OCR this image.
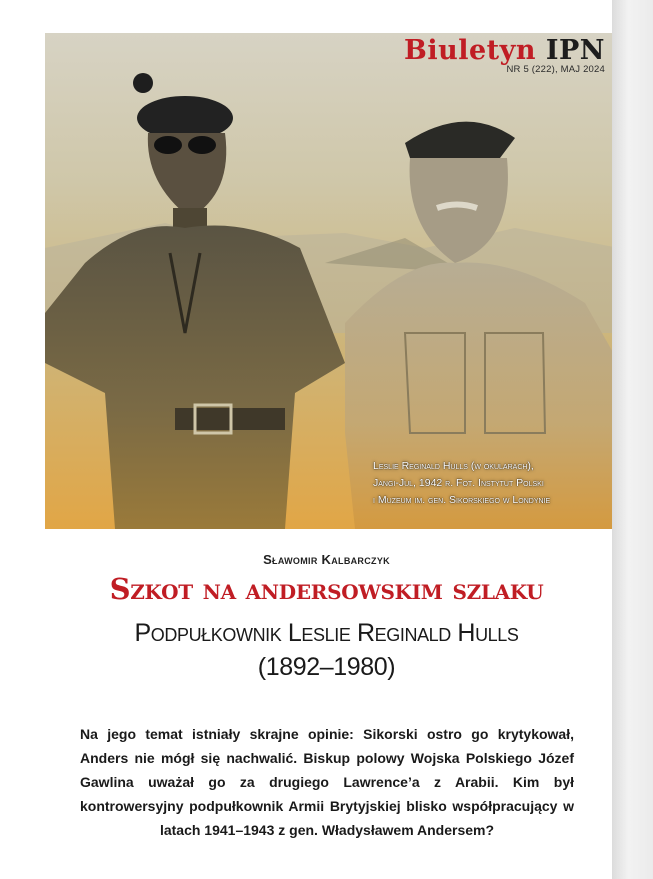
Biuletyn IPN
NR 5 (222), MAJ 2024
Leslie Reginald Hulls (w okularach),
Jangi-Jul, 1942 r. Fot. Instytut Polski
i Muzeum im. gen. Sikorskiego w Londynie
Sławomir Kalbarczyk
Szkot na andersowskim szlaku
Podpułkownik Leslie Reginald Hulls
(1892–1980)
Na jego temat istniały skrajne opinie: Sikorski ostro go krytykował, Anders nie mógł się nachwalić. Biskup polowy Wojska Polskiego Józef Gawlina uważał go za drugiego Lawrence’a z Arabii. Kim był kontrowersyjny podpułkownik Armii Brytyjskiej blisko współpracujący w latach 1941–1943 z gen. Władysławem Andersem?
